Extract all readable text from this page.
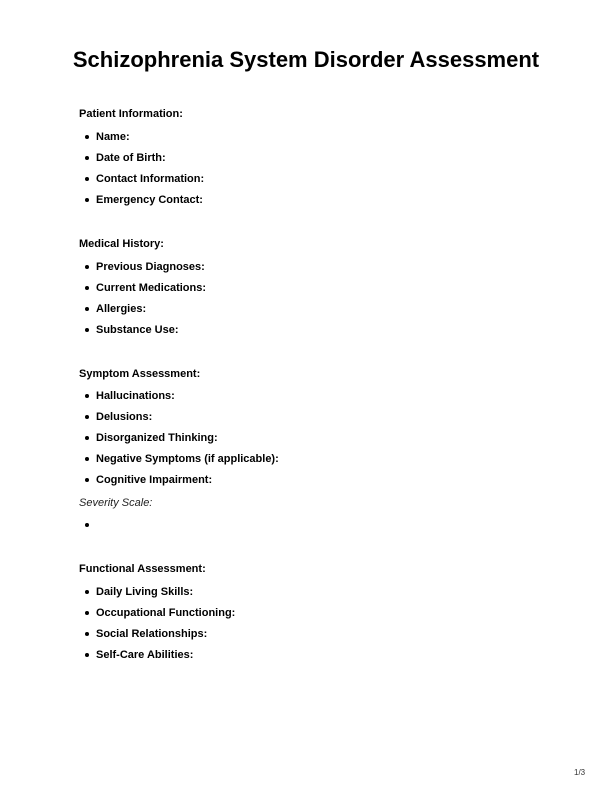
Schizophrenia System Disorder Assessment
Patient Information:
Name:
Date of Birth:
Contact Information:
Emergency Contact:
Medical History:
Previous Diagnoses:
Current Medications:
Allergies:
Substance Use:
Symptom Assessment:
Hallucinations:
Delusions:
Disorganized Thinking:
Negative Symptoms (if applicable):
Cognitive Impairment:
Severity Scale:
Functional Assessment:
Daily Living Skills:
Occupational Functioning:
Social Relationships:
Self-Care Abilities:
1/3
